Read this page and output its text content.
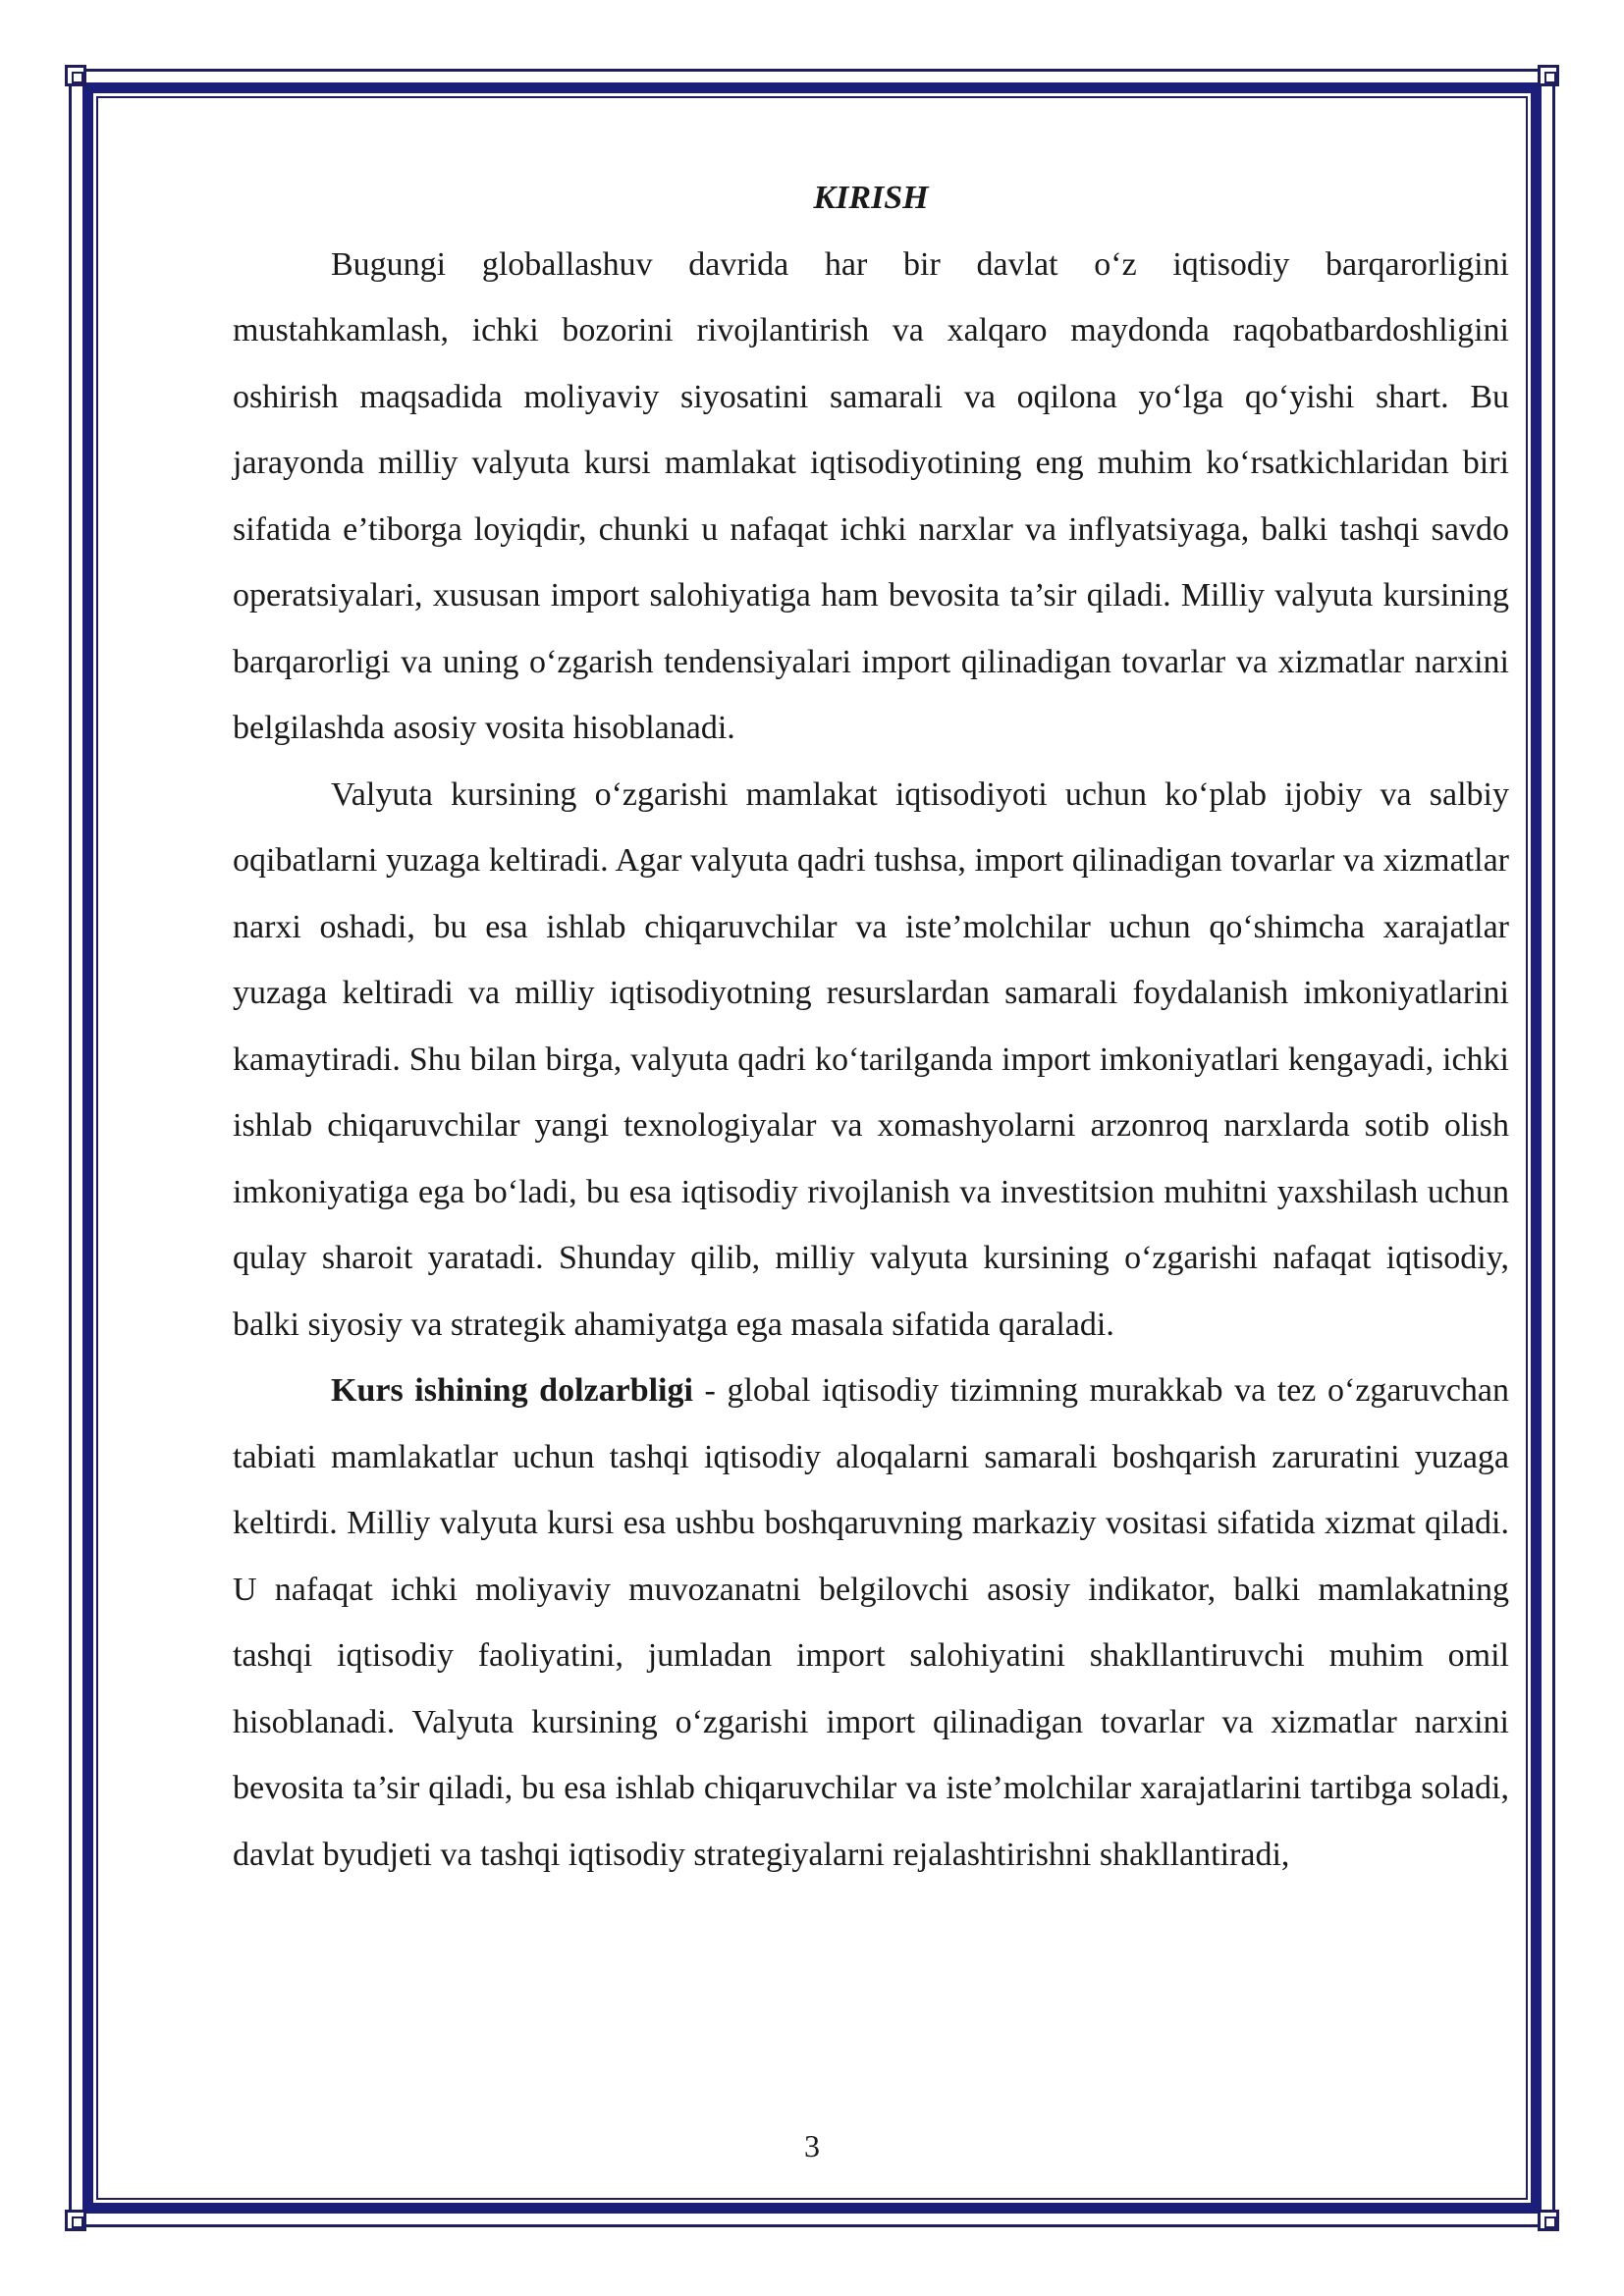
KIRISH

Bugungi globallashuv davrida har bir davlat o‘z iqtisodiy barqarorligini mustahkamlash, ichki bozorini rivojlantirish va xalqaro maydonda raqobatbardoshligini oshirish maqsadida moliyaviy siyosatini samarali va oqilona yo‘lga qo‘yishi shart. Bu jarayonda milliy valyuta kursi mamlakat iqtisodiyotining eng muhim ko‘rsatkichlaridan biri sifatida e’tiborga loyiqdir, chunki u nafaqat ichki narxlar va inflyatsiyaga, balki tashqi savdo operatsiyalari, xususan import salohiyatiga ham bevosita ta’sir qiladi. Milliy valyuta kursining barqarorligi va uning o‘zgarish tendensiyalari import qilinadigan tovarlar va xizmatlar narxini belgilashda asosiy vosita hisoblanadi.

Valyuta kursining o‘zgarishi mamlakat iqtisodiyoti uchun ko‘plab ijobiy va salbiy oqibatlarni yuzaga keltiradi. Agar valyuta qadri tushsa, import qilinadigan tovarlar va xizmatlar narxi oshadi, bu esa ishlab chiqaruvchilar va iste’molchilar uchun qo‘shimcha xarajatlar yuzaga keltiradi va milliy iqtisodiyotning resurslardan samarali foydalanish imkoniyatlarini kamaytiradi. Shu bilan birga, valyuta qadri ko‘tarilganda import imkoniyatlari kengayadi, ichki ishlab chiqaruvchilar yangi texnologiyalar va xomashyolarni arzonroq narxlarda sotib olish imkoniyatiga ega bo‘ladi, bu esa iqtisodiy rivojlanish va investitsion muhitni yaxshilash uchun qulay sharoit yaratadi. Shunday qilib, milliy valyuta kursining o‘zgarishi nafaqat iqtisodiy, balki siyosiy va strategik ahamiyatga ega masala sifatida qaraladi.

Kurs ishining dolzarbligi - global iqtisodiy tizimning murakkab va tez o‘zgaruvchan tabiati mamlakatlar uchun tashqi iqtisodiy aloqalarni samarali boshqarish zaruratini yuzaga keltirdi. Milliy valyuta kursi esa ushbu boshqaruvning markaziy vositasi sifatida xizmat qiladi. U nafaqat ichki moliyaviy muvozanatni belgilovchi asosiy indikator, balki mamlakatning tashqi iqtisodiy faoliyatini, jumladan import salohiyatini shakllantiruvchi muhim omil hisoblanadi. Valyuta kursining o‘zgarishi import qilinadigan tovarlar va xizmatlar narxini bevosita ta’sir qiladi, bu esa ishlab chiqaruvchilar va iste’molchilar xarajatlarini tartibga soladi, davlat byudjeti va tashqi iqtisodiy strategiyalarni rejalashtirishni shakllantiradi,

3
